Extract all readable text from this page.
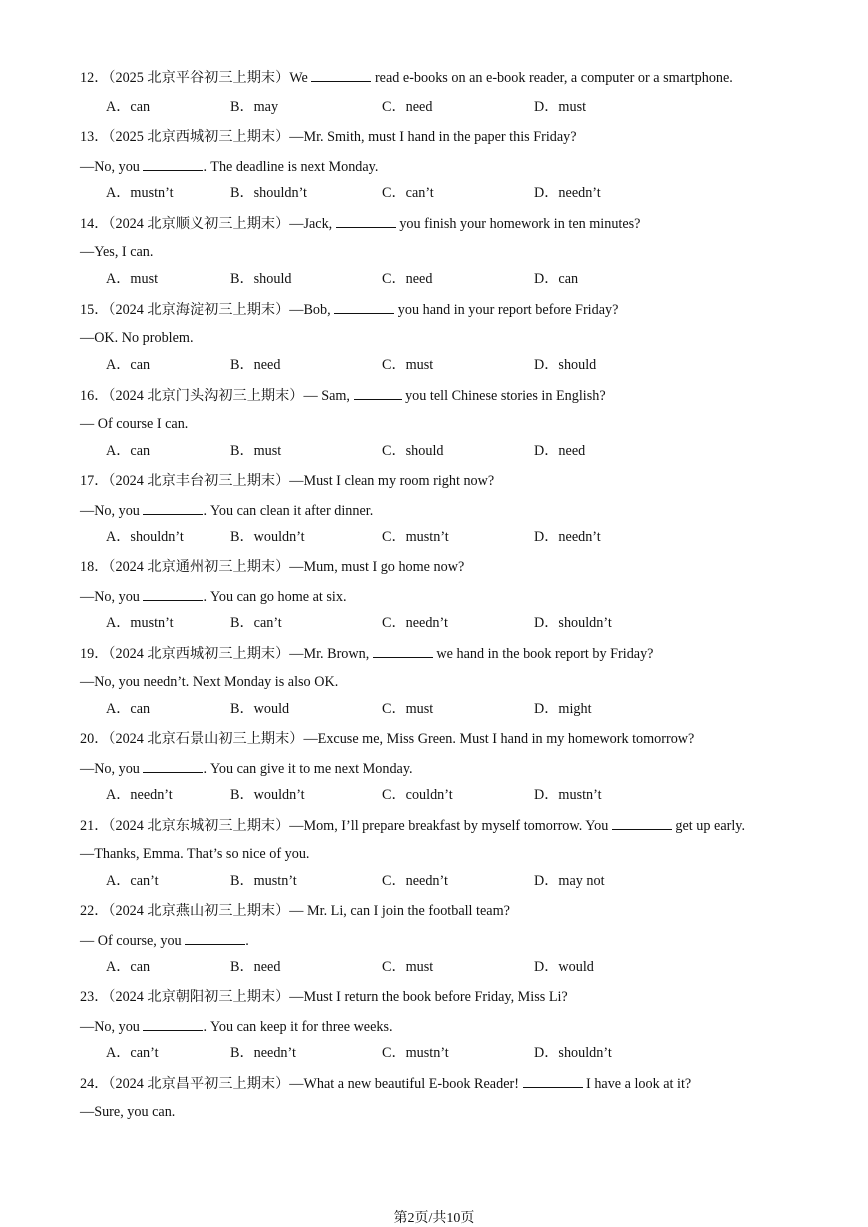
12．（2025 北京平谷初三上期末）We	read e-books on an e-book reader, a computer or a smartphone.
A．can	B．may	C．need	D．must
13．（2025 北京西城初三上期末）—Mr. Smith, must I hand in the paper this Friday?
—No, you	. The deadline is next Monday.
A．mustn’t	B．shouldn’t	C．can’t	D．needn’t
14．（2024 北京顺义初三上期末）—Jack,	you finish your homework in ten minutes?
—Yes, I can.
A．must	B．should	C．need	D．can
15．（2024 北京海淀初三上期末）—Bob,	you hand in your report before Friday?
—OK. No problem.
A．can	B．need	C．must	D．should
16．（2024 北京门头沟初三上期末）— Sam,	you tell Chinese stories in English?
— Of course I can.
A．can	B．must	C．should	D．need
17．（2024 北京丰台初三上期末）—Must I clean my room right now?
—No, you	. You can clean it after dinner.
A．shouldn’t	B．wouldn’t	C．mustn’t	D．needn’t
18．（2024 北京通州初三上期末）—Mum, must I go home now?
—No, you	. You can go home at six.
A．mustn’t	B．can’t	C．needn’t	D．shouldn’t
19．（2024 北京西城初三上期末）—Mr. Brown,	we hand in the book report by Friday?
—No, you needn’t. Next Monday is also OK.
A．can	B．would	C．must	D．might
20．（2024 北京石景山初三上期末）—Excuse me, Miss Green. Must I hand in my homework tomorrow?
—No, you	. You can give it to me next Monday.
A．needn’t	B．wouldn’t	C．couldn’t	D．mustn’t
21．（2024 北京东城初三上期末）—Mom, I’ll prepare breakfast by myself tomorrow. You	get up early.
—Thanks, Emma. That’s so nice of you.
A．can’t	B．mustn’t	C．needn’t	D．may not
22．（2024 北京燕山初三上期末）— Mr. Li, can I join the football team?
— Of course, you	.
A．can	B．need	C．must	D．would
23．（2024 北京朝阳初三上期末）—Must I return the book before Friday, Miss Li?
—No, you	. You can keep it for three weeks.
A．can’t	B．needn’t	C．mustn’t	D．shouldn’t
24．（2024 北京昌平初三上期末）—What a new beautiful E-book Reader!	I have a look at it?
—Sure, you can.
第2页/共10页
